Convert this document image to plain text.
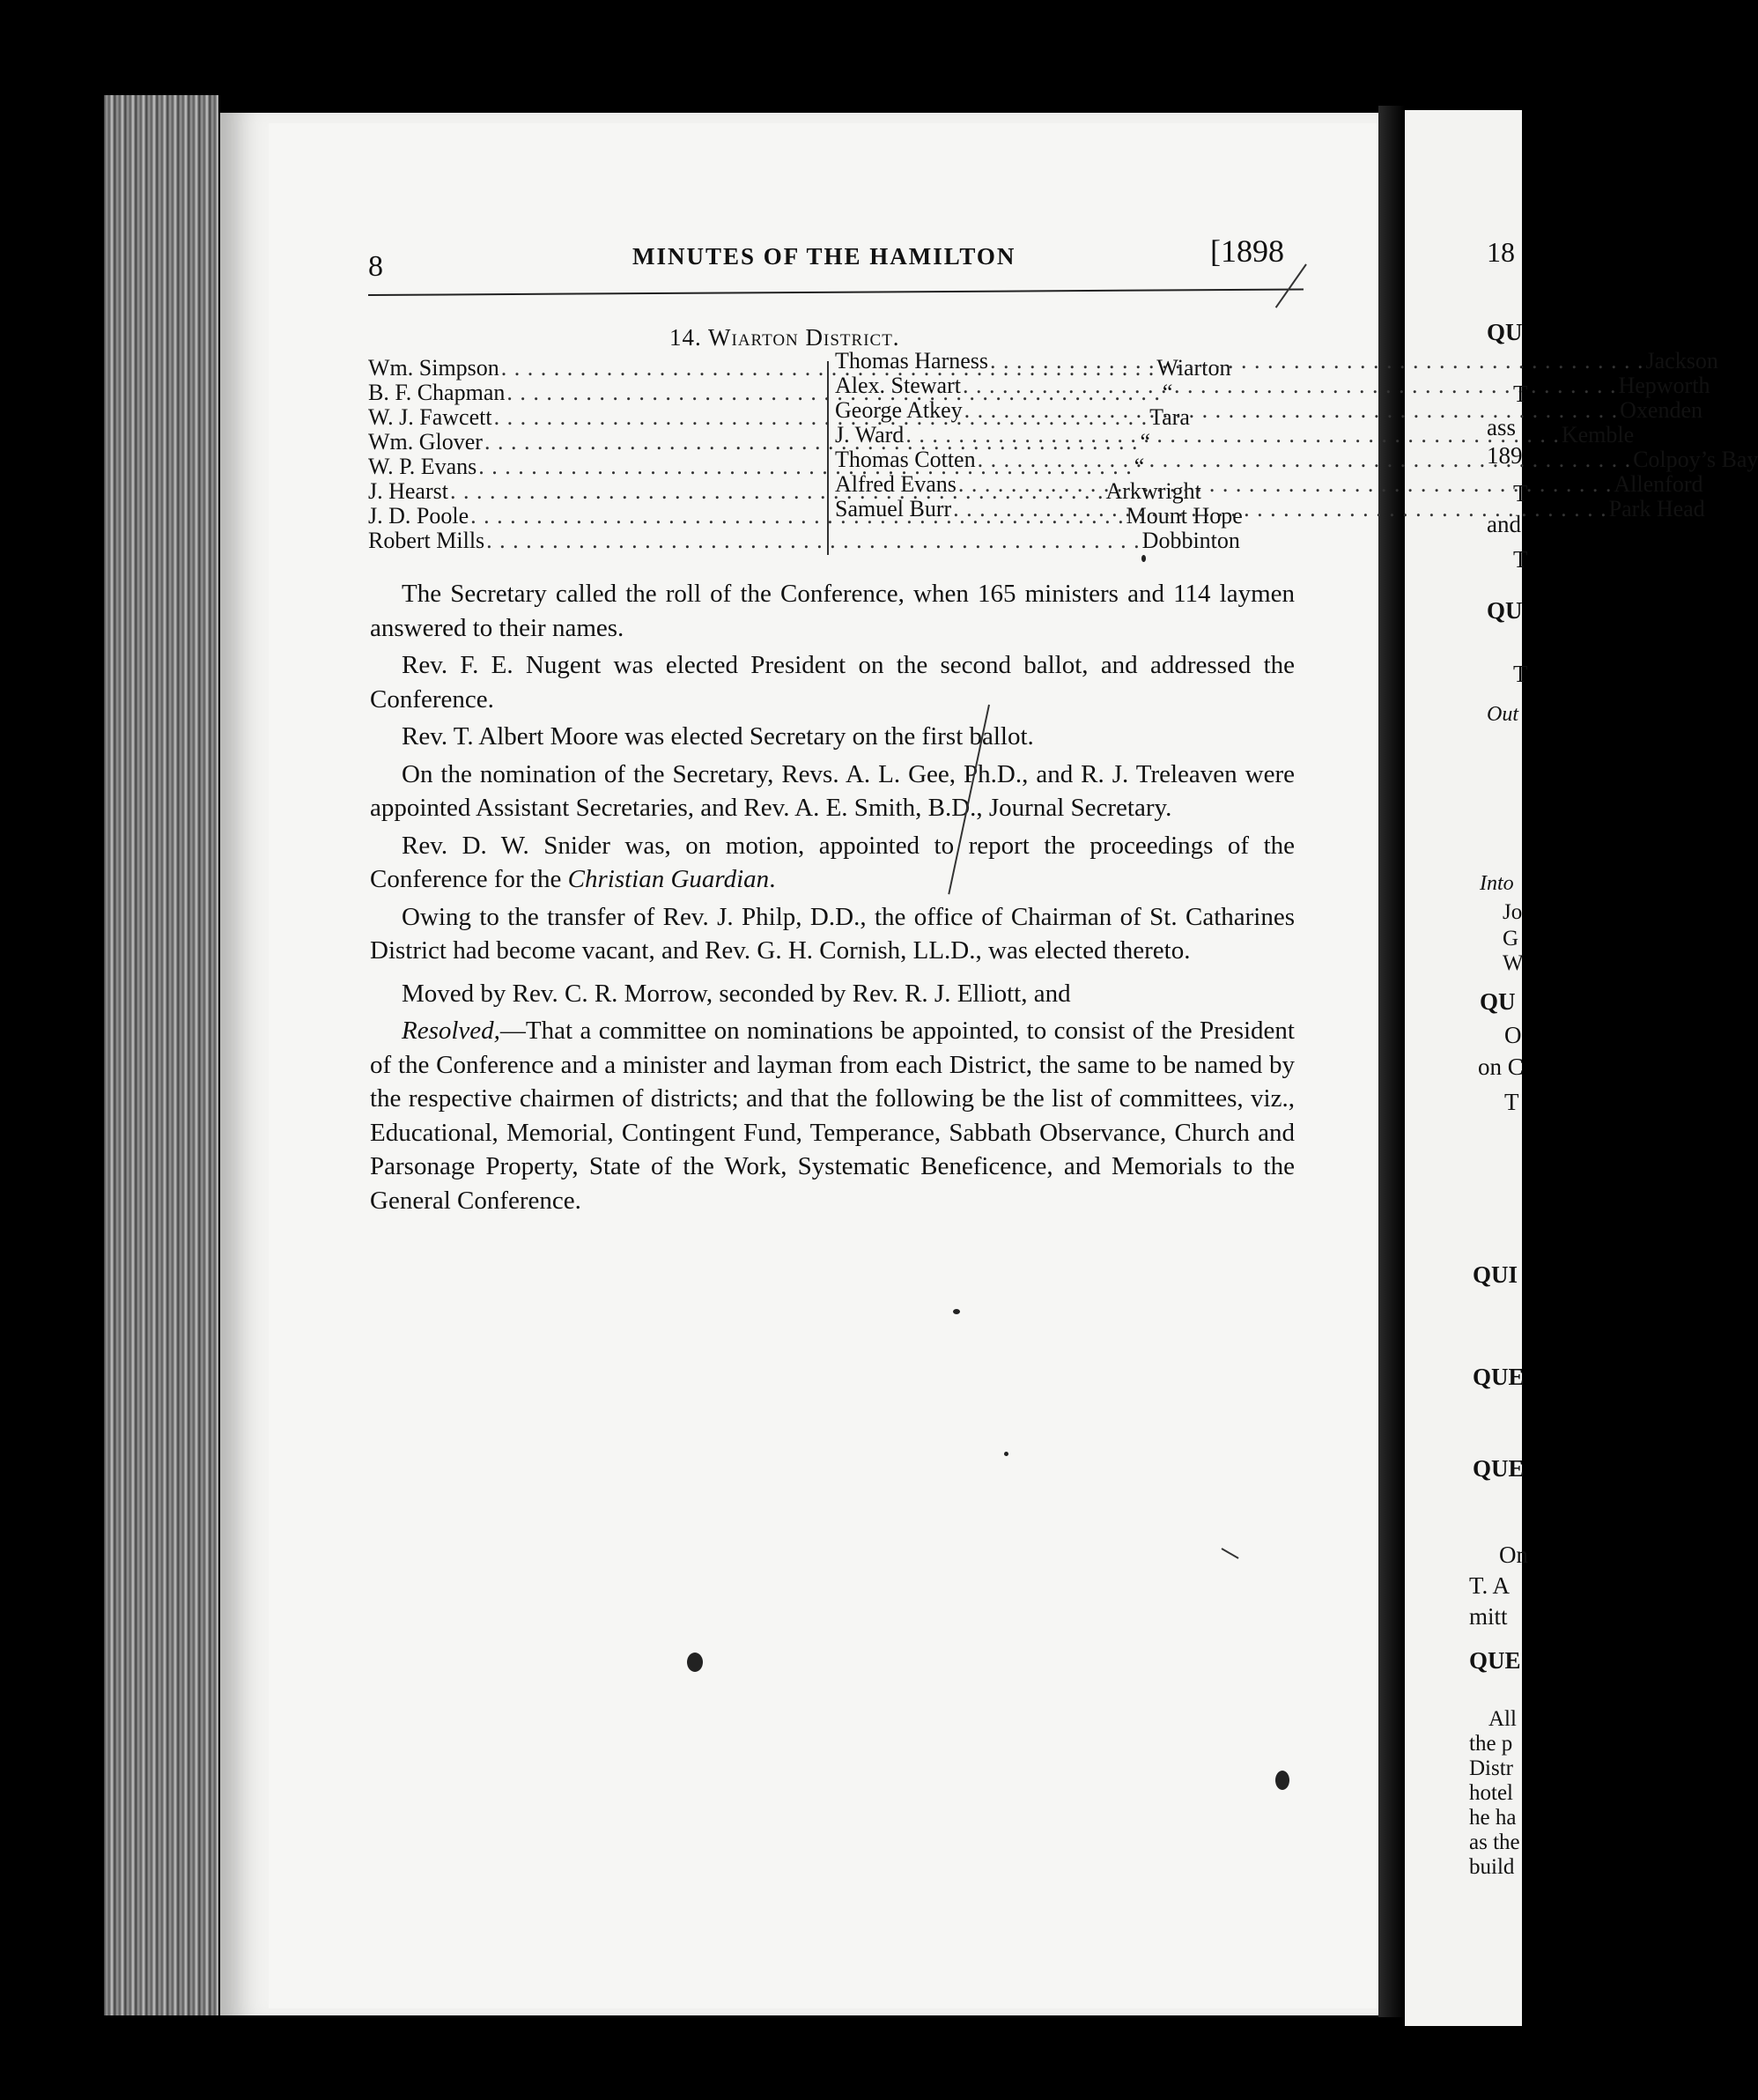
8	MINUTES OF THE HAMILTON	[1898
14. Wiarton District.
Wm. Simpson . . .	Wiarton
B. F. Chapman . . .	“
W. J. Fawcett . . .	Tara
Wm. Glover . . .	“
W. P. Evans . . .	“
J. Hearst . . .	Arkwright
J. D. Poole . . .	Mount Hope
Robert Mills . . .	Dobbinton
Thomas Harness . . .	Jackson
Alex. Stewart . . .	Hepworth
George Atkey . . .	Oxenden
J. Ward . . .	Kemble
Thomas Cotten . . .	Colpoy’s Bay
Alfred Evans . . .	Allenford
Samuel Burr . . .	Park Head

The Secretary called the roll of the Conference, when 165 ministers and 114 laymen answered to their names.

Rev. F. E. Nugent was elected President on the second ballot, and addressed the Conference.

Rev. T. Albert Moore was elected Secretary on the first ballot.

On the nomination of the Secretary, Revs. A. L. Gee, Ph.D., and R. J. Treleaven were appointed Assistant Secretaries, and Rev. A. E. Smith, B.D., Journal Secretary.

Rev. D. W. Snider was, on motion, appointed to report the proceedings of the Conference for the Christian Guardian.

Owing to the transfer of Rev. J. Philp, D.D., the office of Chairman of St. Catharines District had become vacant, and Rev. G. H. Cornish, LL.D., was elected thereto.

Moved by Rev. C. R. Morrow, seconded by Rev. R. J. Elliott, and

Resolved,—That a committee on nominations be appointed, to consist of the President of the Conference and a minister and layman from each District, the same to be named by the respective chairmen of districts; and that the following be the list of committees, viz., Educational, Memorial, Contingent Fund, Temperance, Sabbath Observance, Church and Parsonage Property, State of the Work, Systematic Beneficence, and Memorials to the General Conference.

18
QU
T
ass
189
T
and
T
QU
T
Out
Into
Jo
G
W
QU
O
on C
T
QUI
QUE
QUE
On
T. A
mitt
QUE
All
the p
Distr
hotel
he ha
as the
build
